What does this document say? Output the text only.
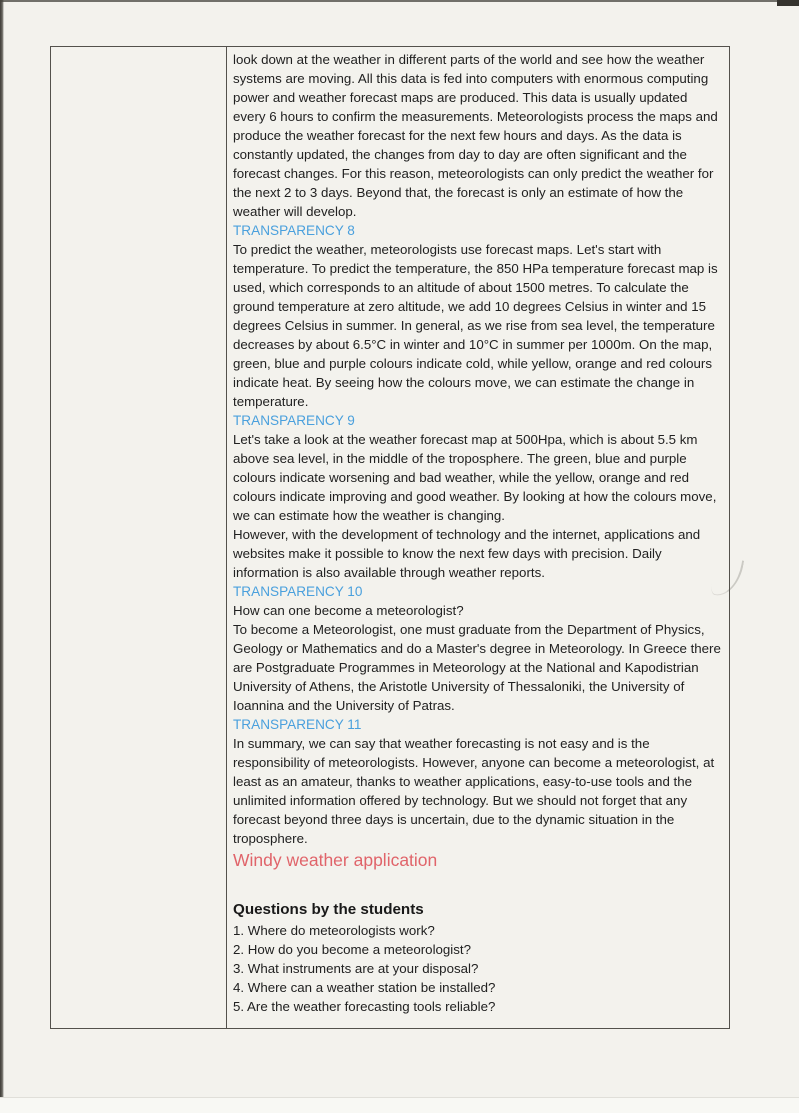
look down at the weather in different parts of the world and see how the weather systems are moving. All this data is fed into computers with enormous computing power and weather forecast maps are produced. This data is usually updated every 6 hours to confirm the measurements. Meteorologists process the maps and produce the weather forecast for the next few hours and days. As the data is constantly updated, the changes from day to day are often significant and the forecast changes. For this reason, meteorologists can only predict the weather for the next 2 to 3 days. Beyond that, the forecast is only an estimate of how the weather will develop.
TRANSPARENCY 8
To predict the weather, meteorologists use forecast maps. Let's start with temperature. To predict the temperature, the 850 HPa temperature forecast map is used, which corresponds to an altitude of about 1500 metres. To calculate the ground temperature at zero altitude, we add 10 degrees Celsius in winter and 15 degrees Celsius in summer. In general, as we rise from sea level, the temperature decreases by about 6.5°C in winter and 10°C in summer per 1000m. On the map, green, blue and purple colours indicate cold, while yellow, orange and red colours indicate heat. By seeing how the colours move, we can estimate the change in temperature.
TRANSPARENCY 9
Let's take a look at the weather forecast map at 500Hpa, which is about 5.5 km above sea level, in the middle of the troposphere. The green, blue and purple colours indicate worsening and bad weather, while the yellow, orange and red colours indicate improving and good weather. By looking at how the colours move, we can estimate how the weather is changing.
However, with the development of technology and the internet, applications and websites make it possible to know the next few days with precision. Daily information is also available through weather reports.
TRANSPARENCY 10
How can one become a meteorologist?
To become a Meteorologist, one must graduate from the Department of Physics, Geology or Mathematics and do a Master's degree in Meteorology. In Greece there are Postgraduate Programmes in Meteorology at the National and Kapodistrian University of Athens, the Aristotle University of Thessaloniki, the University of Ioannina and the University of Patras.
TRANSPARENCY 11
In summary, we can say that weather forecasting is not easy and is the responsibility of meteorologists. However, anyone can become a meteorologist, at least as an amateur, thanks to weather applications, easy-to-use tools and the unlimited information offered by technology. But we should not forget that any forecast beyond three days is uncertain, due to the dynamic situation in the troposphere.
Windy weather application
Questions by the students
1. Where do meteorologists work?
2. How do you become a meteorologist?
3. What instruments are at your disposal?
4. Where can a weather station be installed?
5. Are the weather forecasting tools reliable?
